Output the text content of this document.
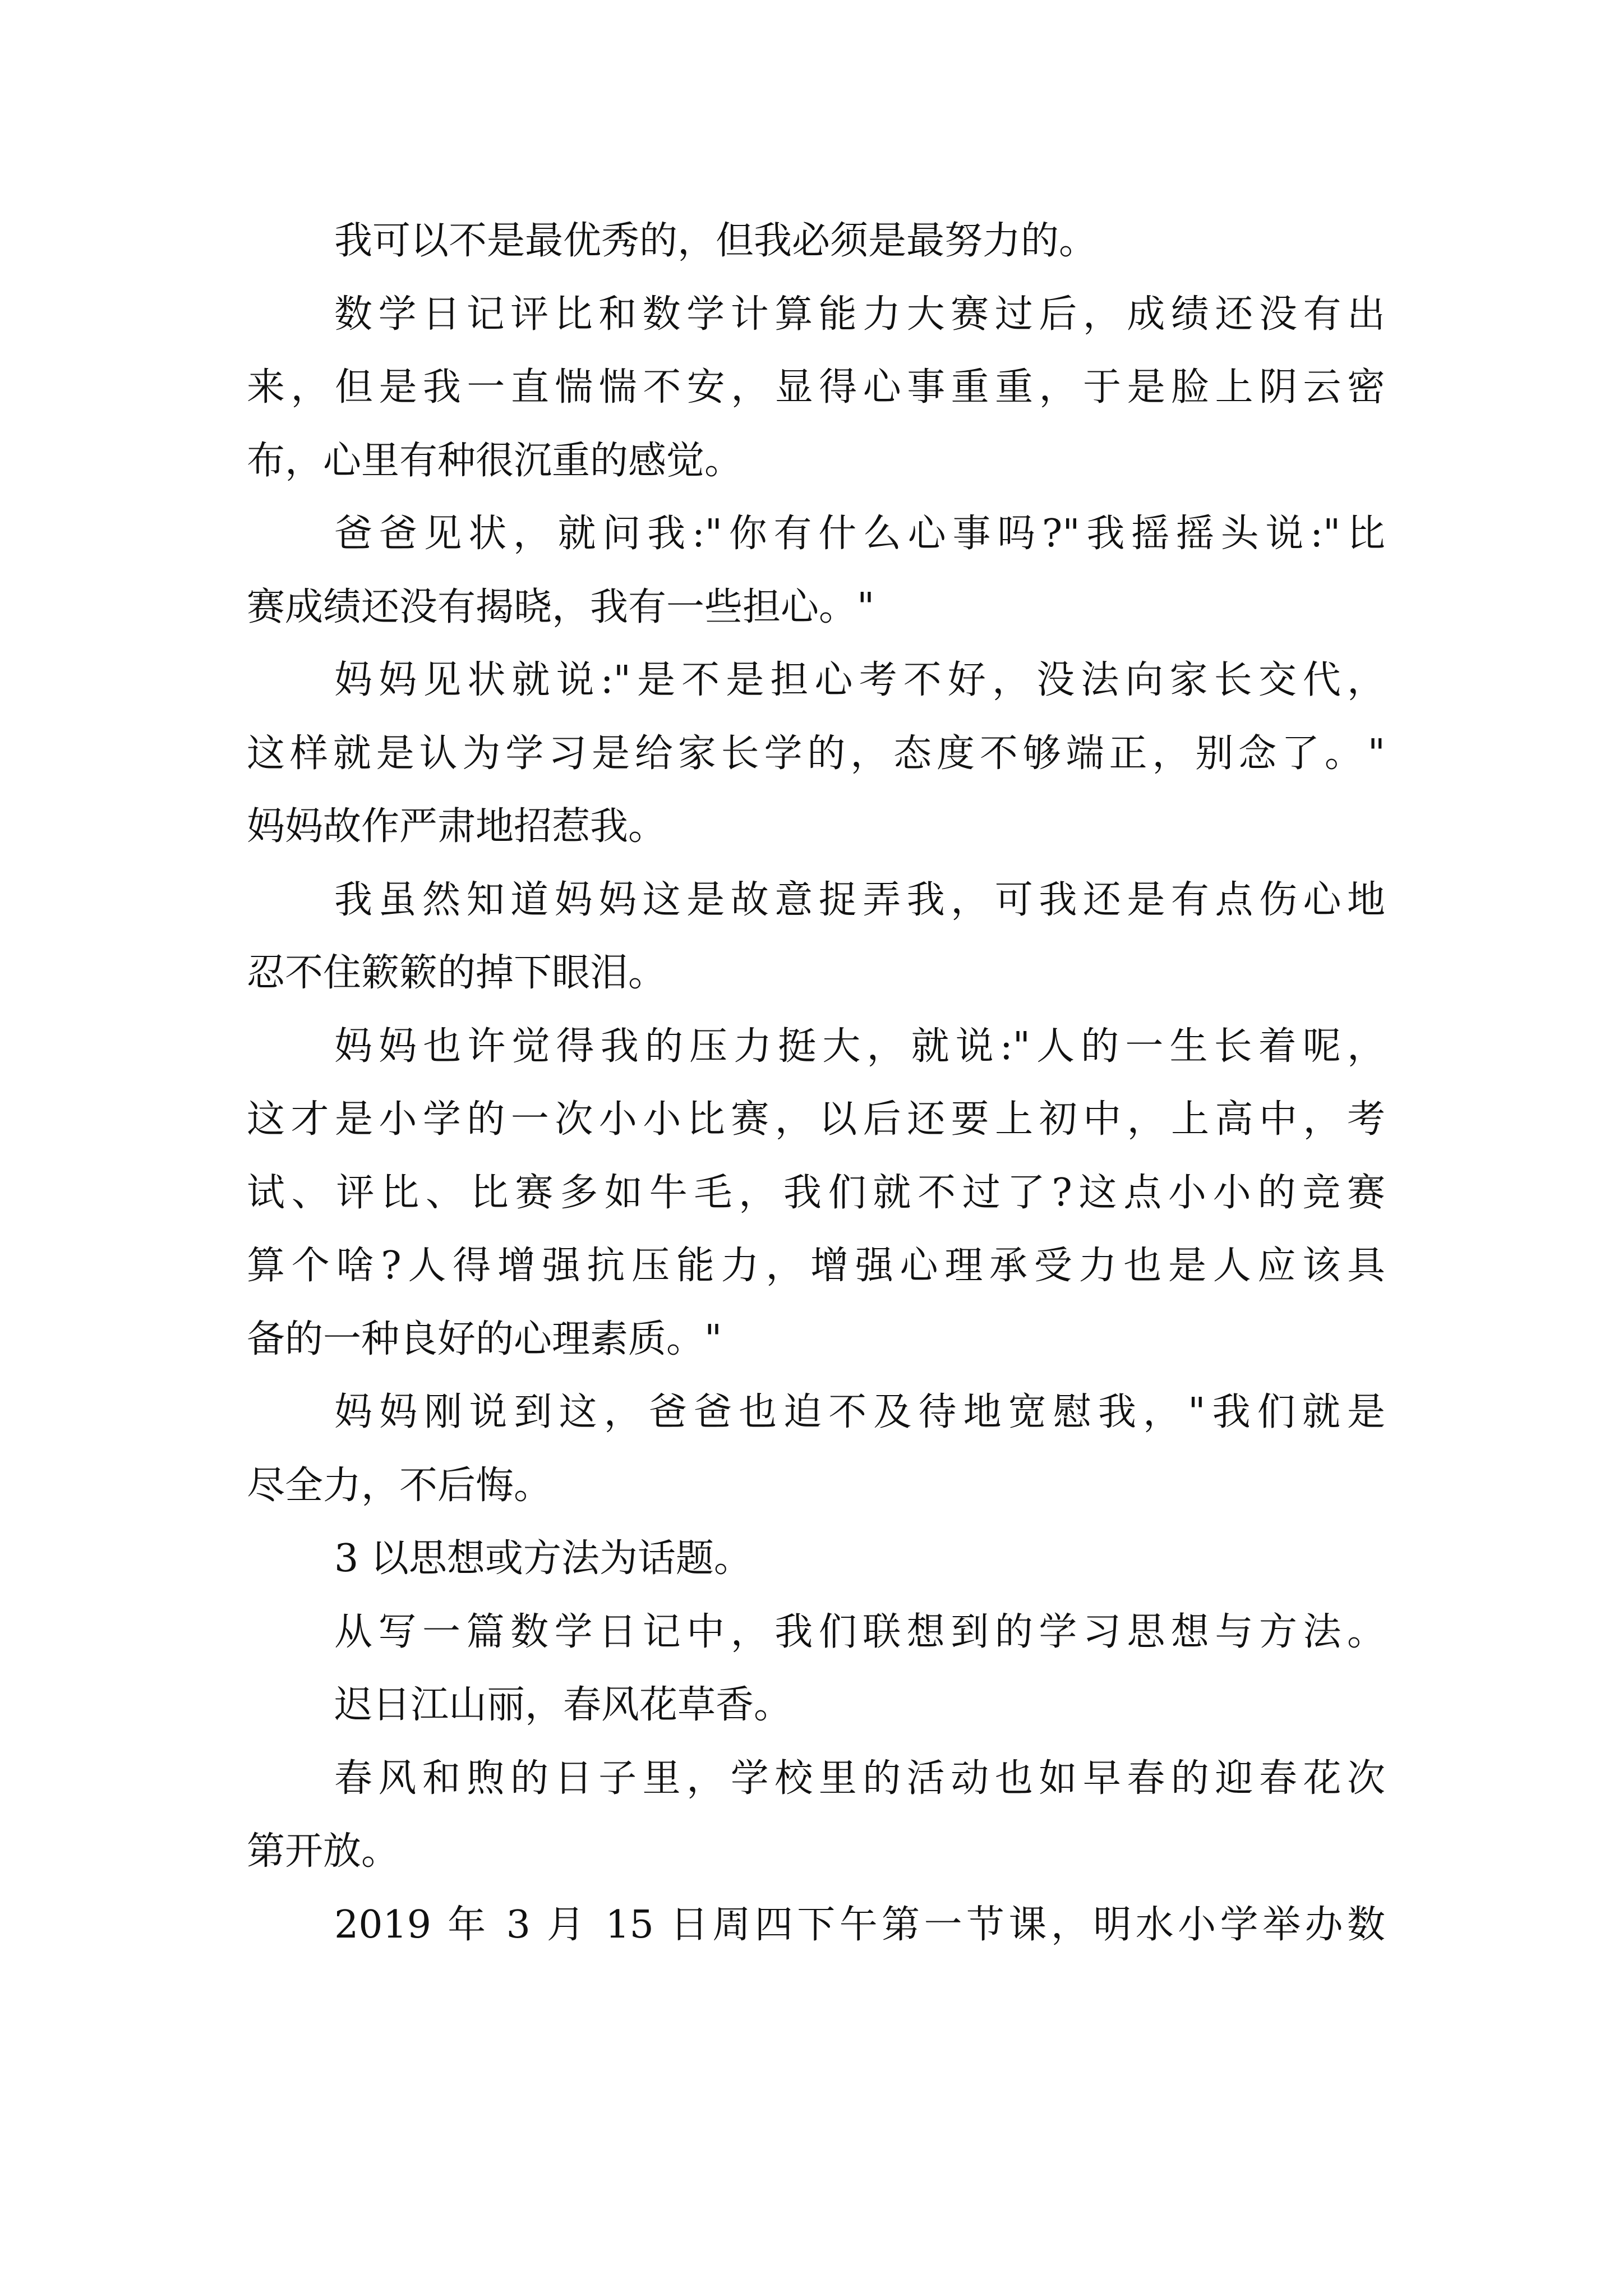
我可以不是最优秀的，但我必须是最努力的。
数学日记评比和数学计算能力大赛过后，成绩还没有出
来，但是我一直惴惴不安，显得心事重重，于是脸上阴云密
布，心里有种很沉重的感觉。
爸爸见状，就问我:"你有什么心事吗?"我摇摇头说:"比
赛成绩还没有揭晓，我有一些担心。"
妈妈见状就说:"是不是担心考不好，没法向家长交代，
这样就是认为学习是给家长学的，态度不够端正，别念了。"
妈妈故作严肃地招惹我。
我虽然知道妈妈这是故意捉弄我，可我还是有点伤心地
忍不住簌簌的掉下眼泪。
妈妈也许觉得我的压力挺大，就说:"人的一生长着呢，
这才是小学的一次小小比赛，以后还要上初中，上高中，考
试、评比、比赛多如牛毛，我们就不过了?这点小小的竞赛
算个啥?人得增强抗压能力，增强心理承受力也是人应该具
备的一种良好的心理素质。"
妈妈刚说到这，爸爸也迫不及待地宽慰我，"我们就是
尽全力，不后悔。
3 以思想或方法为话题。
从写一篇数学日记中，我们联想到的学习思想与方法。
迟日江山丽，春风花草香。
春风和煦的日子里，学校里的活动也如早春的迎春花次
第开放。
2019 年 3 月 15 日周四下午第一节课，明水小学举办数
